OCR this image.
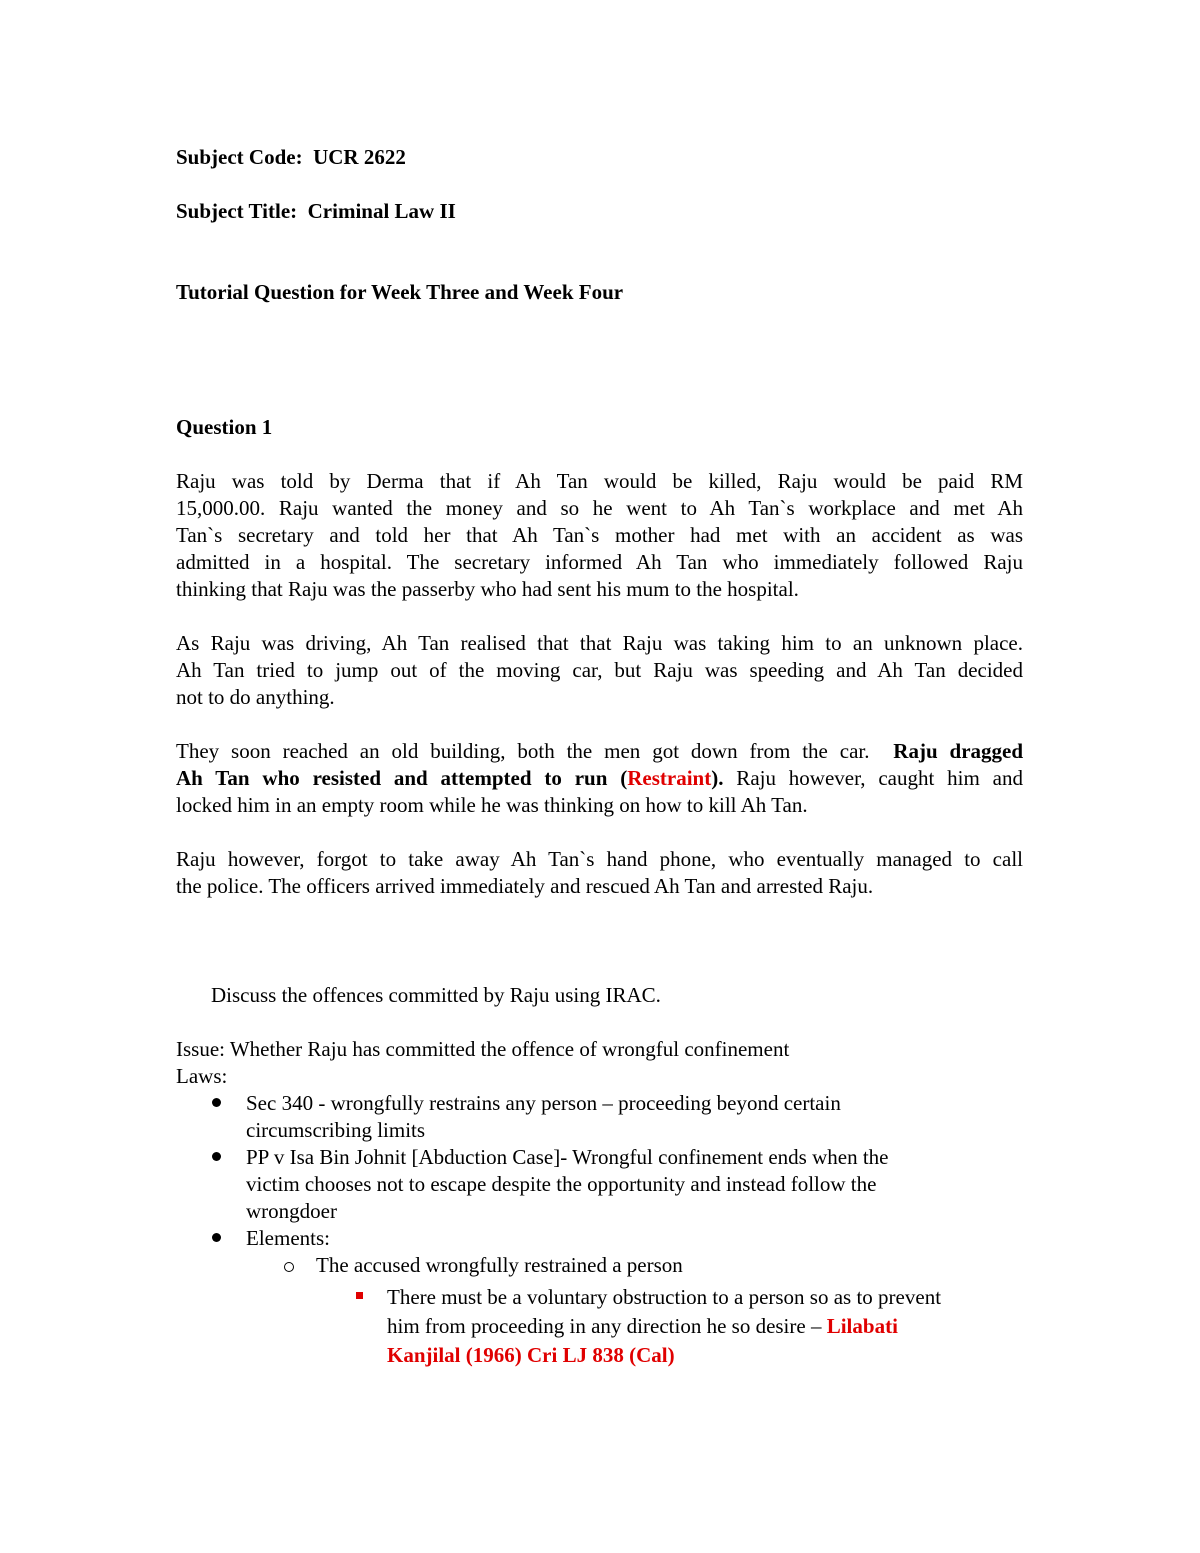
Subject Code: UCR 2622
Subject Title: Criminal Law II
Tutorial Question for Week Three and Week Four
Question 1
Raju was told by Derma that if Ah Tan would be killed, Raju would be paid RM
15,000.00. Raju wanted the money and so he went to Ah Tan`s workplace and met Ah
Tan`s secretary and told her that Ah Tan`s mother had met with an accident as was
admitted in a hospital. The secretary informed Ah Tan who immediately followed Raju
thinking that Raju was the passerby who had sent his mum to the hospital.
As Raju was driving, Ah Tan realised that that Raju was taking him to an unknown place.
Ah Tan tried to jump out of the moving car, but Raju was speeding and Ah Tan decided
not to do anything.
They soon reached an old building, both the men got down from the car. Raju dragged
Ah Tan who resisted and attempted to run (Restraint). Raju however, caught him and
locked him in an empty room while he was thinking on how to kill Ah Tan.
Raju however, forgot to take away Ah Tan`s hand phone, who eventually managed to call
the police. The officers arrived immediately and rescued Ah Tan and arrested Raju.
Discuss the offences committed by Raju using IRAC.
Issue: Whether Raju has committed the offence of wrongful confinement
Laws:
Sec 340 - wrongfully restrains any person – proceeding beyond certain
circumscribing limits
PP v Isa Bin Johnit [Abduction Case]- Wrongful confinement ends when the
victim chooses not to escape despite the opportunity and instead follow the
wrongdoer
Elements:
The accused wrongfully restrained a person
There must be a voluntary obstruction to a person so as to prevent
him from proceeding in any direction he so desire – Lilabati
Kanjilal (1966) Cri LJ 838 (Cal)
